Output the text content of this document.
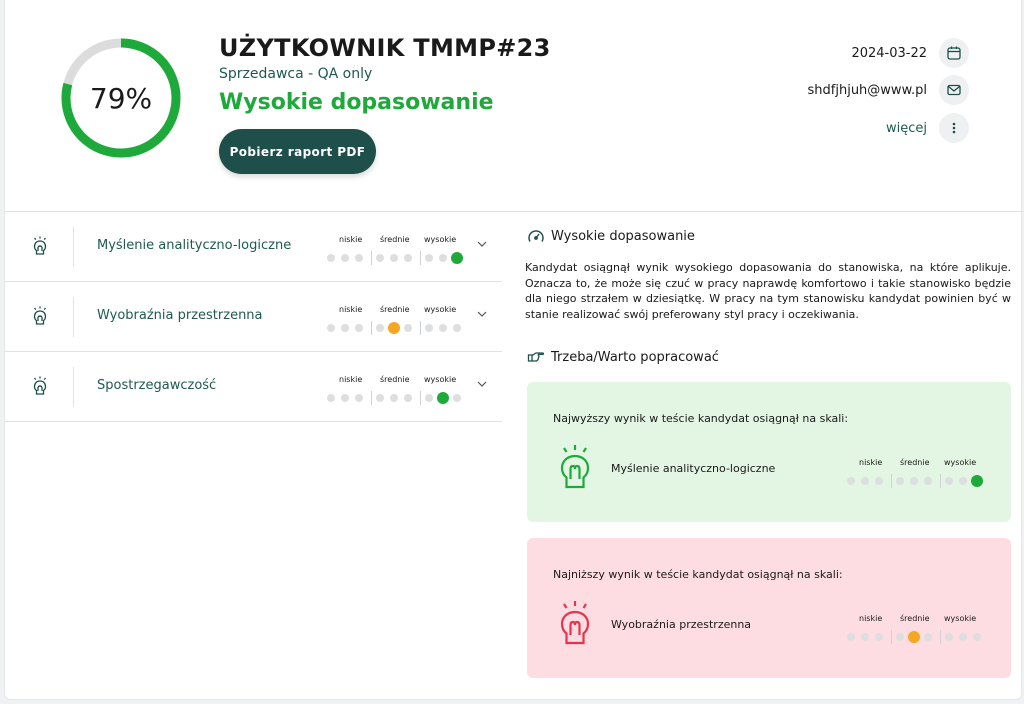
79%
UŻYTKOWNIK TMMP#23
Sprzedawca - QA only
Wysokie dopasowanie
Pobierz raport PDF
2024-03-22
shdfjhjuh@www.pl
więcej
Myślenie analityczno-logiczne	niskie średnie wysokie
Wyobraźnia przestrzenna	niskie średnie wysokie
Spostrzegawczość	niskie średnie wysokie
Wysokie dopasowanie
Kandydat osiągnął wynik wysokiego dopasowania do stanowiska, na które aplikuje. Oznacza to, że może się czuć w pracy naprawdę komfortowo i takie stanowisko będzie dla niego strzałem w dziesiątkę. W pracy na tym stanowisku kandydat powinien być w stanie realizować swój preferowany styl pracy i oczekiwania.
Trzeba/Warto popracować
Najwyższy wynik w teście kandydat osiągnął na skali:
Myślenie analityczno-logiczne	niskie średnie wysokie
Najniższy wynik w teście kandydat osiągnął na skali:
Wyobraźnia przestrzenna	niskie średnie wysokie
